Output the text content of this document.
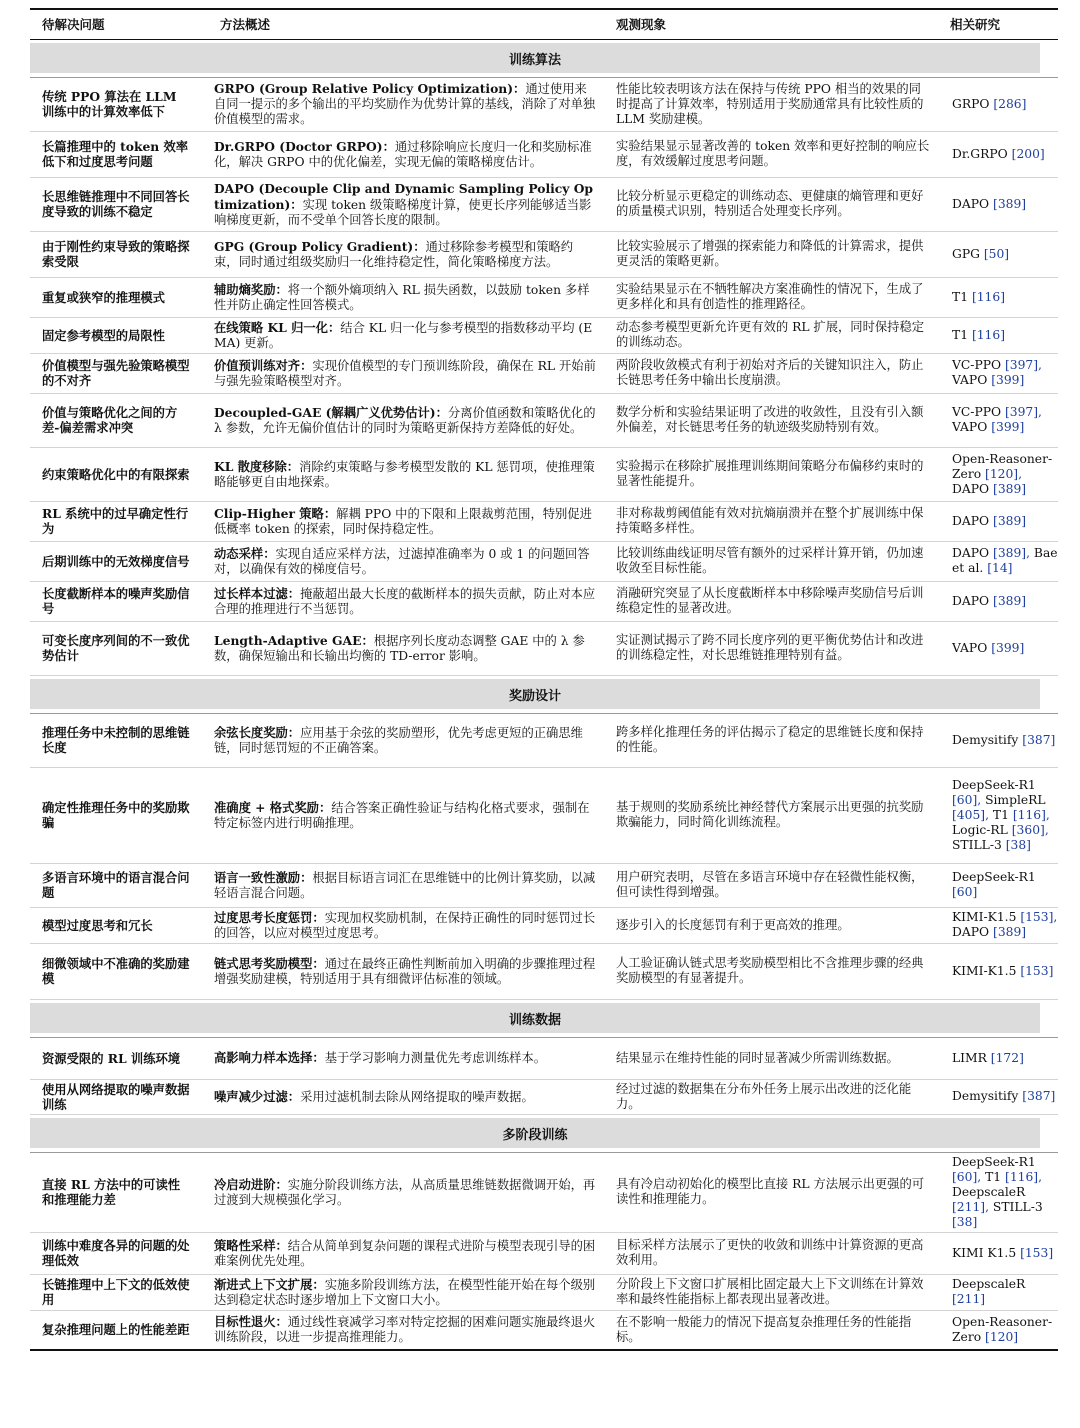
待解决问题	方法概述	观测现象	相关研究

训练算法			

传统 PPO 算法在 LLM 训练中的计算效率低下	GRPO (Group Relative Policy Optimization)：通过使用来自同一提示的多个输出的平均奖励作为优势计算的基线，消除了对单独价值模型的需求。	性能比较表明该方法在保持与传统 PPO 相当的效果的同时提高了计算效率，特别适用于奖励通常具有比较性质的 LLM 奖励建模。	GRPO [286]
长篇推理中的 token 效率低下和过度思考问题	Dr.GRPO (Doctor GRPO)：通过移除响应长度归一化和奖励标准化，解决 GRPO 中的优化偏差，实现无偏的策略梯度估计。	实验结果显示显著改善的 token 效率和更好控制的响应长度，有效缓解过度思考问题。	Dr.GRPO [200]
长思维链推理中不同回答长度导致的训练不稳定	DAPO (Decouple Clip and Dynamic Sampling Policy Optimization)：实现 token 级策略梯度计算，使更长序列能够适当影响梯度更新，而不受单个回答长度的限制。	比较分析显示更稳定的训练动态、更健康的熵管理和更好的质量模式识别，特别适合处理变长序列。	DAPO [389]
由于刚性约束导致的策略探索受限	GPG (Group Policy Gradient)：通过移除参考模型和策略约束，同时通过组级奖励归一化维持稳定性，简化策略梯度方法。	比较实验展示了增强的探索能力和降低的计算需求，提供更灵活的策略更新。	GPG [50]
重复或狭窄的推理模式	辅助熵奖励：将一个额外熵项纳入 RL 损失函数，以鼓励 token 多样性并防止确定性回答模式。	实验结果显示在不牺牲解决方案准确性的情况下，生成了更多样化和具有创造性的推理路径。	T1 [116]
固定参考模型的局限性	在线策略 KL 归一化：结合 KL 归一化与参考模型的指数移动平均 (EMA) 更新。	动态参考模型更新允许更有效的 RL 扩展，同时保持稳定的训练动态。	T1 [116]
价值模型与强先验策略模型的不对齐	价值预训练对齐：实现价值模型的专门预训练阶段，确保在 RL 开始前与强先验策略模型对齐。	两阶段收敛模式有利于初始对齐后的关键知识注入，防止长链思考任务中输出长度崩溃。	VC-PPO [397], VAPO [399]
价值与策略优化之间的方差-偏差需求冲突	Decoupled-GAE (解耦广义优势估计)：分离价值函数和策略优化的 λ 参数，允许无偏价值估计的同时为策略更新保持方差降低的好处。	数学分析和实验结果证明了改进的收敛性，且没有引入额外偏差，对长链思考任务的轨迹级奖励特别有效。	VC-PPO [397], VAPO [399]
约束策略优化中的有限探索	KL 散度移除：消除约束策略与参考模型发散的 KL 惩罚项，使推理策略能够更自由地探索。	实验揭示在移除扩展推理训练期间策略分布偏移约束时的显著性能提升。	Open-Reasoner-Zero [120], DAPO [389]
RL 系统中的过早确定性行为	Clip-Higher 策略：解耦 PPO 中的下限和上限裁剪范围，特别促进低概率 token 的探索，同时保持稳定性。	非对称裁剪阈值能有效对抗熵崩溃并在整个扩展训练中保持策略多样性。	DAPO [389]
后期训练中的无效梯度信号	动态采样：实现自适应采样方法，过滤掉准确率为 0 或 1 的问题回答对，以确保有效的梯度信号。	比较训练曲线证明尽管有额外的过采样计算开销，仍加速收敛至目标性能。	DAPO [389], Bae et al. [14]
长度截断样本的噪声奖励信号	过长样本过滤：掩蔽超出最大长度的截断样本的损失贡献，防止对本应合理的推理进行不当惩罚。	消融研究突显了从长度截断样本中移除噪声奖励信号后训练稳定性的显著改进。	DAPO [389]
可变长度序列间的不一致优势估计	Length-Adaptive GAE：根据序列长度动态调整 GAE 中的 λ 参数，确保短输出和长输出均衡的 TD-error 影响。	实证测试揭示了跨不同长度序列的更平衡优势估计和改进的训练稳定性，对长思维链推理特别有益。	VAPO [399]

奖励设计			

推理任务中未控制的思维链长度	余弦长度奖励：应用基于余弦的奖励塑形，优先考虑更短的正确思维链，同时惩罚短的不正确答案。	跨多样化推理任务的评估揭示了稳定的思维链长度和保持的性能。	Demysitify [387]
确定性推理任务中的奖励欺骗	准确度 + 格式奖励：结合答案正确性验证与结构化格式要求，强制在特定标签内进行明确推理。	基于规则的奖励系统比神经替代方案展示出更强的抗奖励欺骗能力，同时简化训练流程。	DeepSeek-R1 [60], SimpleRL [405], T1 [116], Logic-RL [360], STILL-3 [38]
多语言环境中的语言混合问题	语言一致性激励：根据目标语言词汇在思维链中的比例计算奖励，以减轻语言混合问题。	用户研究表明，尽管在多语言环境中存在轻微性能权衡，但可读性得到增强。	DeepSeek-R1 [60]
模型过度思考和冗长	过度思考长度惩罚：实现加权奖励机制，在保持正确性的同时惩罚过长的回答，以应对模型过度思考。	逐步引入的长度惩罚有利于更高效的推理。	KIMI-K1.5 [153], DAPO [389]
细微领域中不准确的奖励建模	链式思考奖励模型：通过在最终正确性判断前加入明确的步骤推理过程增强奖励建模，特别适用于具有细微评估标准的领域。	人工验证确认链式思考奖励模型相比不含推理步骤的经典奖励模型的有显著提升。	KIMI-K1.5 [153]

训练数据			

资源受限的 RL 训练环境	高影响力样本选择：基于学习影响力测量优先考虑训练样本。	结果显示在维持性能的同时显著减少所需训练数据。	LIMR [172]
使用从网络提取的噪声数据训练	噪声减少过滤：采用过滤机制去除从网络提取的噪声数据。	经过过滤的数据集在分布外任务上展示出改进的泛化能力。	Demysitify [387]

多阶段训练			

直接 RL 方法中的可读性和推理能力差	冷启动进阶：实施分阶段训练方法，从高质量思维链数据微调开始，再过渡到大规模强化学习。	具有冷启动初始化的模型比直接 RL 方法展示出更强的可读性和推理能力。	DeepSeek-R1 [60], T1 [116], DeepscaleR [211], STILL-3 [38]
训练中难度各异的问题的处理低效	策略性采样：结合从简单到复杂问题的课程式进阶与模型表现引导的困难案例优先处理。	目标采样方法展示了更快的收敛和训练中计算资源的更高效利用。	KIMI K1.5 [153]
长链推理中上下文的低效使用	渐进式上下文扩展：实施多阶段训练方法，在模型性能开始在每个级别达到稳定状态时逐步增加上下文窗口大小。	分阶段上下文窗口扩展相比固定最大上下文训练在计算效率和最终性能指标上都表现出显著改进。	DeepscaleR [211]
复杂推理问题上的性能差距	目标性退火：通过线性衰减学习率对特定挖掘的困难问题实施最终退火训练阶段，以进一步提高推理能力。	在不影响一般能力的情况下提高复杂推理任务的性能指标。	Open-Reasoner-Zero [120]
